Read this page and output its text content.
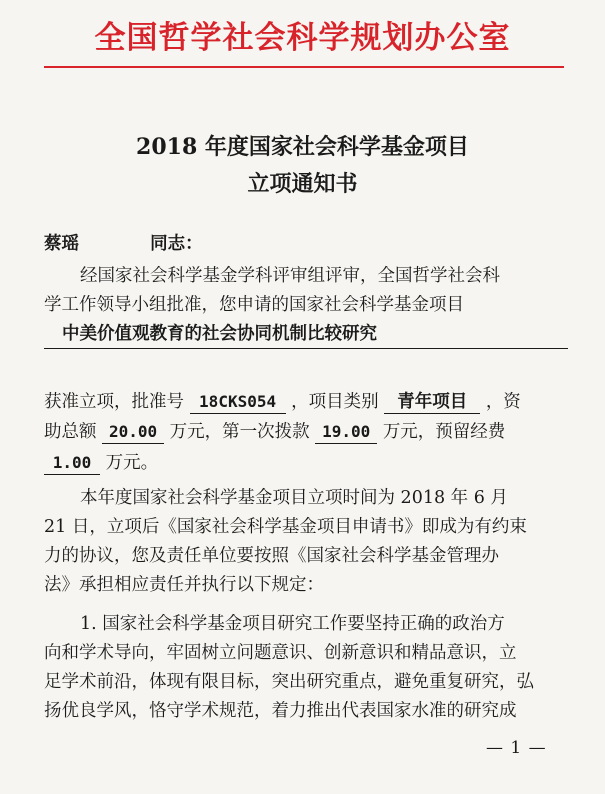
全国哲学社会科学规划办公室
2018 年度国家社会科学基金项目
立项通知书
蔡瑶	同志：
经国家社会科学基金学科评审组评审，全国哲学社会科
学工作领导小组批准，您申请的国家社会科学基金项目
中美价值观教育的社会协同机制比较研究
获准立项，批准号 18CKS054 ，项目类别 青年项目 ，资
助总额 20.00 万元，第一次拨款 19.00 万元，预留经费
1.00 万元。
本年度国家社会科学基金项目立项时间为 2018 年 6 月
21 日，立项后《国家社会科学基金项目申请书》即成为有约束
力的协议，您及责任单位要按照《国家社会科学基金管理办
法》承担相应责任并执行以下规定：
1. 国家社会科学基金项目研究工作要坚持正确的政治方
向和学术导向，牢固树立问题意识、创新意识和精品意识，立
足学术前沿，体现有限目标，突出研究重点，避免重复研究，弘
扬优良学风，恪守学术规范，着力推出代表国家水准的研究成
— 1 —
